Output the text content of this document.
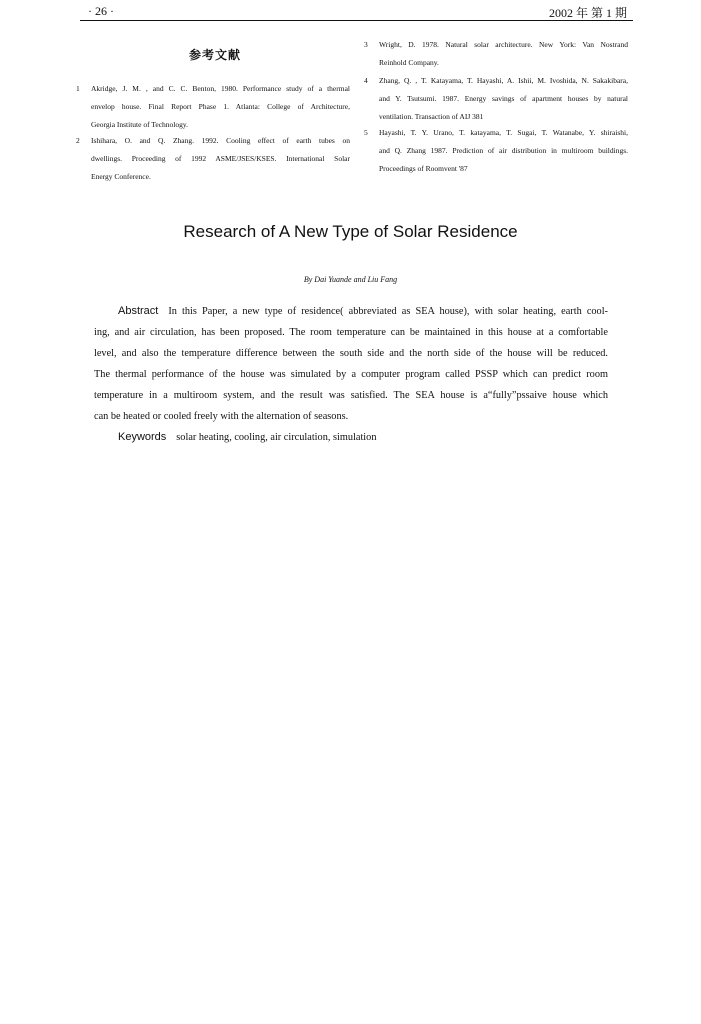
· 26 ·	2002 年 第 1 期
参考文献
1 Akridge, J. M. , and C. C. Benton, 1980. Performance study of a thermal
envelop house. Final Report Phase 1. Atlanta: College of Architecture,
Georgia Institute of Technology.
2 Ishihara, O. and Q. Zhang. 1992. Cooling effect of earth tubes on
dwellings. Proceeding of 1992 ASME/JSES/KSES. International Solar
Energy Conference.
3 Wright, D. 1978. Natural solar architecture. New York: Van Nostrand
Reinhold Company.
4 Zhang, Q. , T. Katayama, T. Hayashi, A. Ishii, M. Ivoshida, N. Sakakibara,
and Y. Tsutsumi. 1987. Energy savings of apartment houses by natural
ventilation. Transaction of AIJ 381
5 Hayashi, T. Y. Urano, T. katayama, T. Sugai, T. Watanabe, Y. shiraishi,
and Q. Zhang 1987. Prediction of air distribution in multiroom buildings.
Proceedings of Roomvent '87
Research of A New Type of Solar Residence
By Dai Yuande and Liu Fang
Abstract In this Paper, a new type of residence( abbreviated as SEA house), with solar heating, earth cool-
ing, and air circulation, has been proposed. The room temperature can be maintained in this house at a comfortable
level, and also the temperature difference between the south side and the north side of the house will be reduced.
The thermal performance of the house was simulated by a computer program called PSSP which can predict room
temperature in a multiroom system, and the result was satisfied. The SEA house is a“fully”pssaive house which
can be heated or cooled freely with the alternation of seasons.
Keywords solar heating, cooling, air circulation, simulation
